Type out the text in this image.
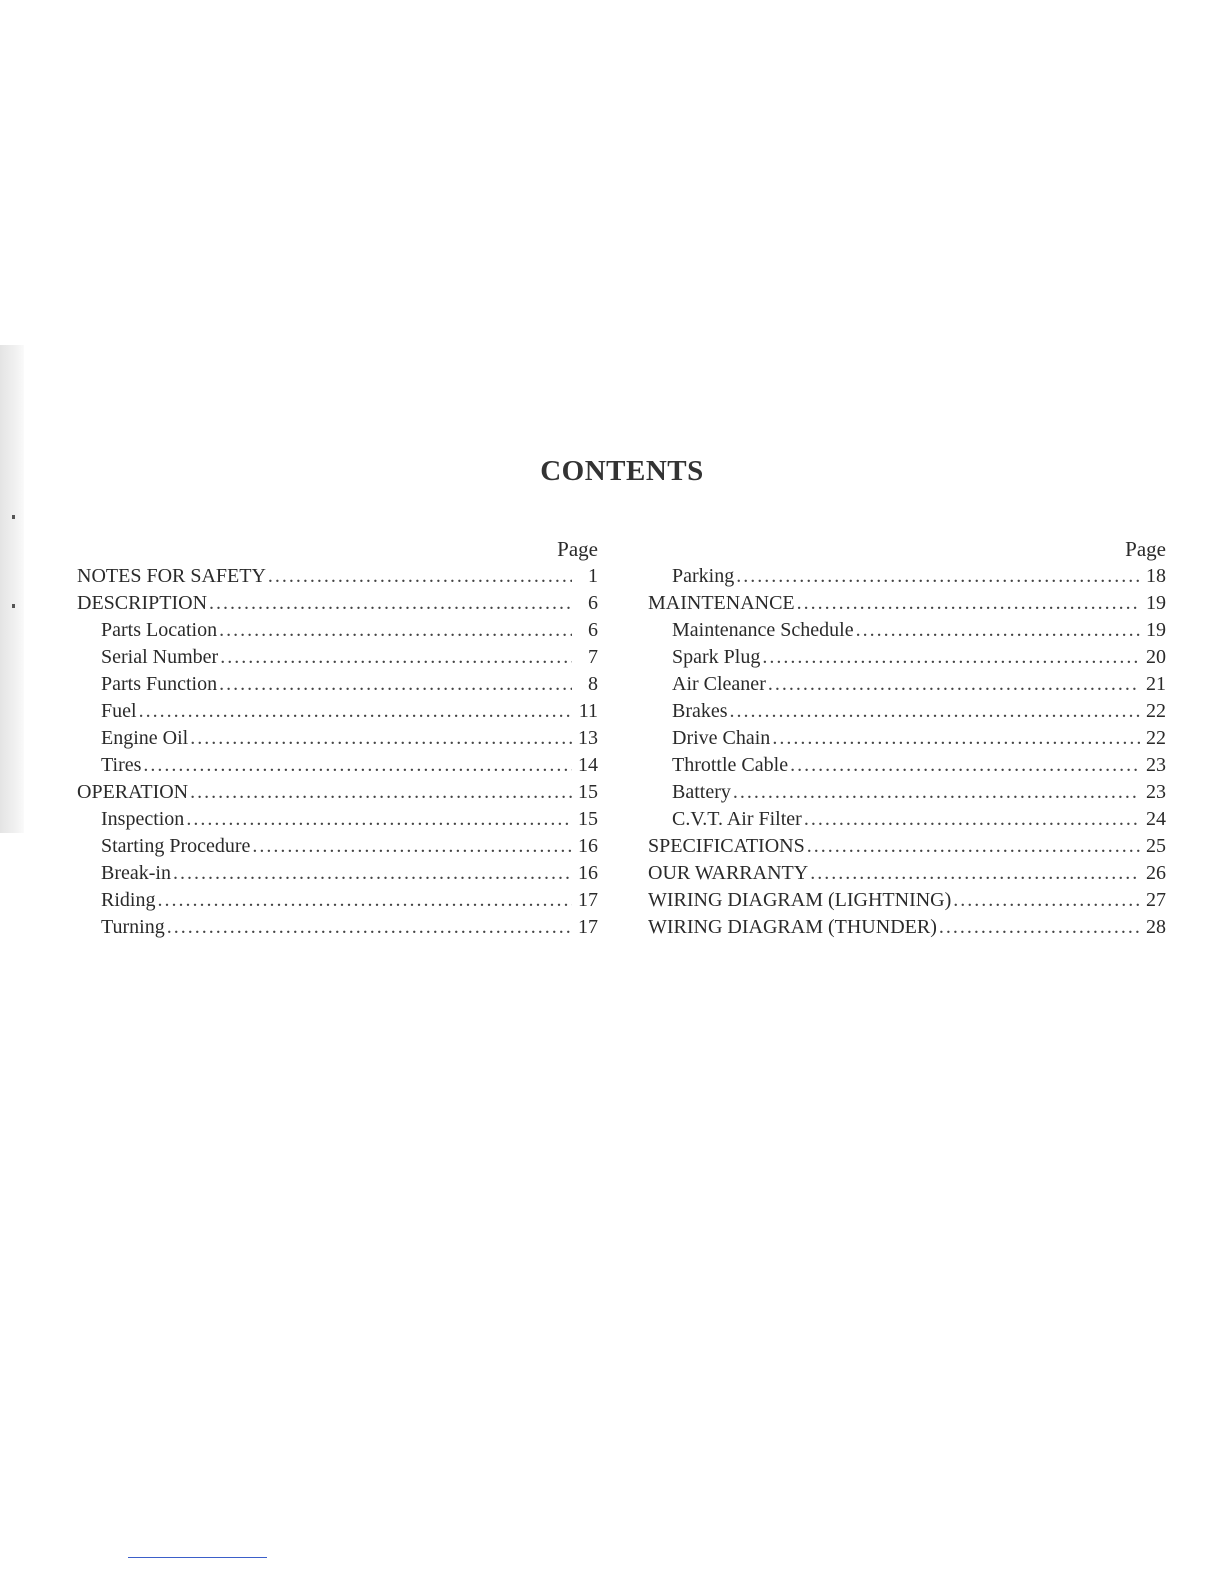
CONTENTS
Page
NOTES FOR SAFETY .....	1
DESCRIPTION .....	6
Parts Location .....	6
Serial Number .....	7
Parts Function .....	8
Fuel .....	11
Engine Oil .....	13
Tires .....	14
OPERATION .....	15
Inspection .....	15
Starting Procedure .....	16
Break-in .....	16
Riding .....	17
Turning .....	17
Page
Parking .....	18
MAINTENANCE .....	19
Maintenance Schedule .....	19
Spark Plug .....	20
Air Cleaner .....	21
Brakes .....	22
Drive Chain .....	22
Throttle Cable .....	23
Battery .....	23
C.V.T. Air Filter .....	24
SPECIFICATIONS .....	25
OUR WARRANTY .....	26
WIRING DIAGRAM (LIGHTNING) .....	27
WIRING DIAGRAM (THUNDER) .....	28
